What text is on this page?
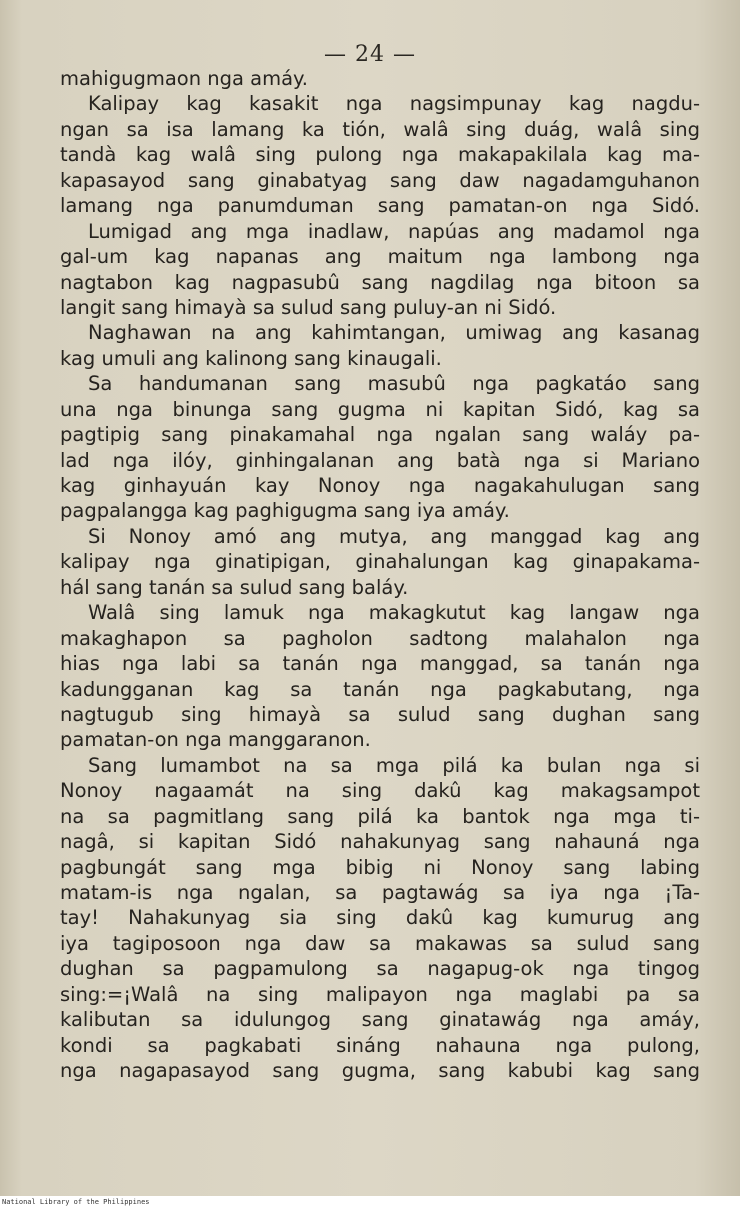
— 24 —
mahigugmaon nga amáy.
Kalipay kag kasakit nga nagsimpunay kag nagdu-
ngan sa isa lamang ka tión, walâ sing duág, walâ sing
tandà kag walâ sing pulong nga makapakilala kag ma-
kapasayod sang ginabatyag sang daw nagadamguhanon
lamang nga panumduman sang pamatan-on nga Sidó.
Lumigad ang mga inadlaw, napúas ang madamol nga
gal-um kag napanas ang maitum nga lambong nga
nagtabon kag nagpasubû sang nagdilag nga bitoon sa
langit sang himayà sa sulud sang puluy-an ni Sidó.
Naghawan na ang kahimtangan, umiwag ang kasanag
kag umuli ang kalinong sang kinaugali.
Sa handumanan sang masubû nga pagkatáo sang
una nga binunga sang gugma ni kapitan Sidó, kag sa
pagtipig sang pinakamahal nga ngalan sang waláy pa-
lad nga ilóy, ginhingalanan ang batà nga si Mariano
kag ginhayuán kay Nonoy nga nagakahulugan sang
pagpalangga kag paghigugma sang iya amáy.
Si Nonoy amó ang mutya, ang manggad kag ang
kalipay nga ginatipigan, ginahalungan kag ginapakama-
hál sang tanán sa sulud sang baláy.
Walâ sing lamuk nga makagkutut kag langaw nga
makaghapon sa pagholon sadtong malahalon nga
hias nga labi sa tanán nga manggad, sa tanán nga
kadungganan kag sa tanán nga pagkabutang, nga
nagtugub sing himayà sa sulud sang dughan sang
pamatan-on nga manggaranon.
Sang lumambot na sa mga pilá ka bulan nga si
Nonoy nagaamát na sing dakû kag makagsampot
na sa pagmitlang sang pilá ka bantok nga mga ti-
nagâ, si kapitan Sidó nahakunyag sang nahauná nga
pagbungát sang mga bibig ni Nonoy sang labing
matam-is nga ngalan, sa pagtawág sa iya nga ¡Ta-
tay! Nahakunyag sia sing dakû kag kumurug ang
iya tagiposoon nga daw sa makawas sa sulud sang
dughan sa pagpamulong sa nagapug-ok nga tingog
sing:=¡Walâ na sing malipayon nga maglabi pa sa
kalibutan sa idulungog sang ginatawág nga amáy,
kondi sa pagkabati sináng nahauna nga pulong,
nga nagapasayod sang gugma, sang kabubi kag sang
National Library of the Philippines
